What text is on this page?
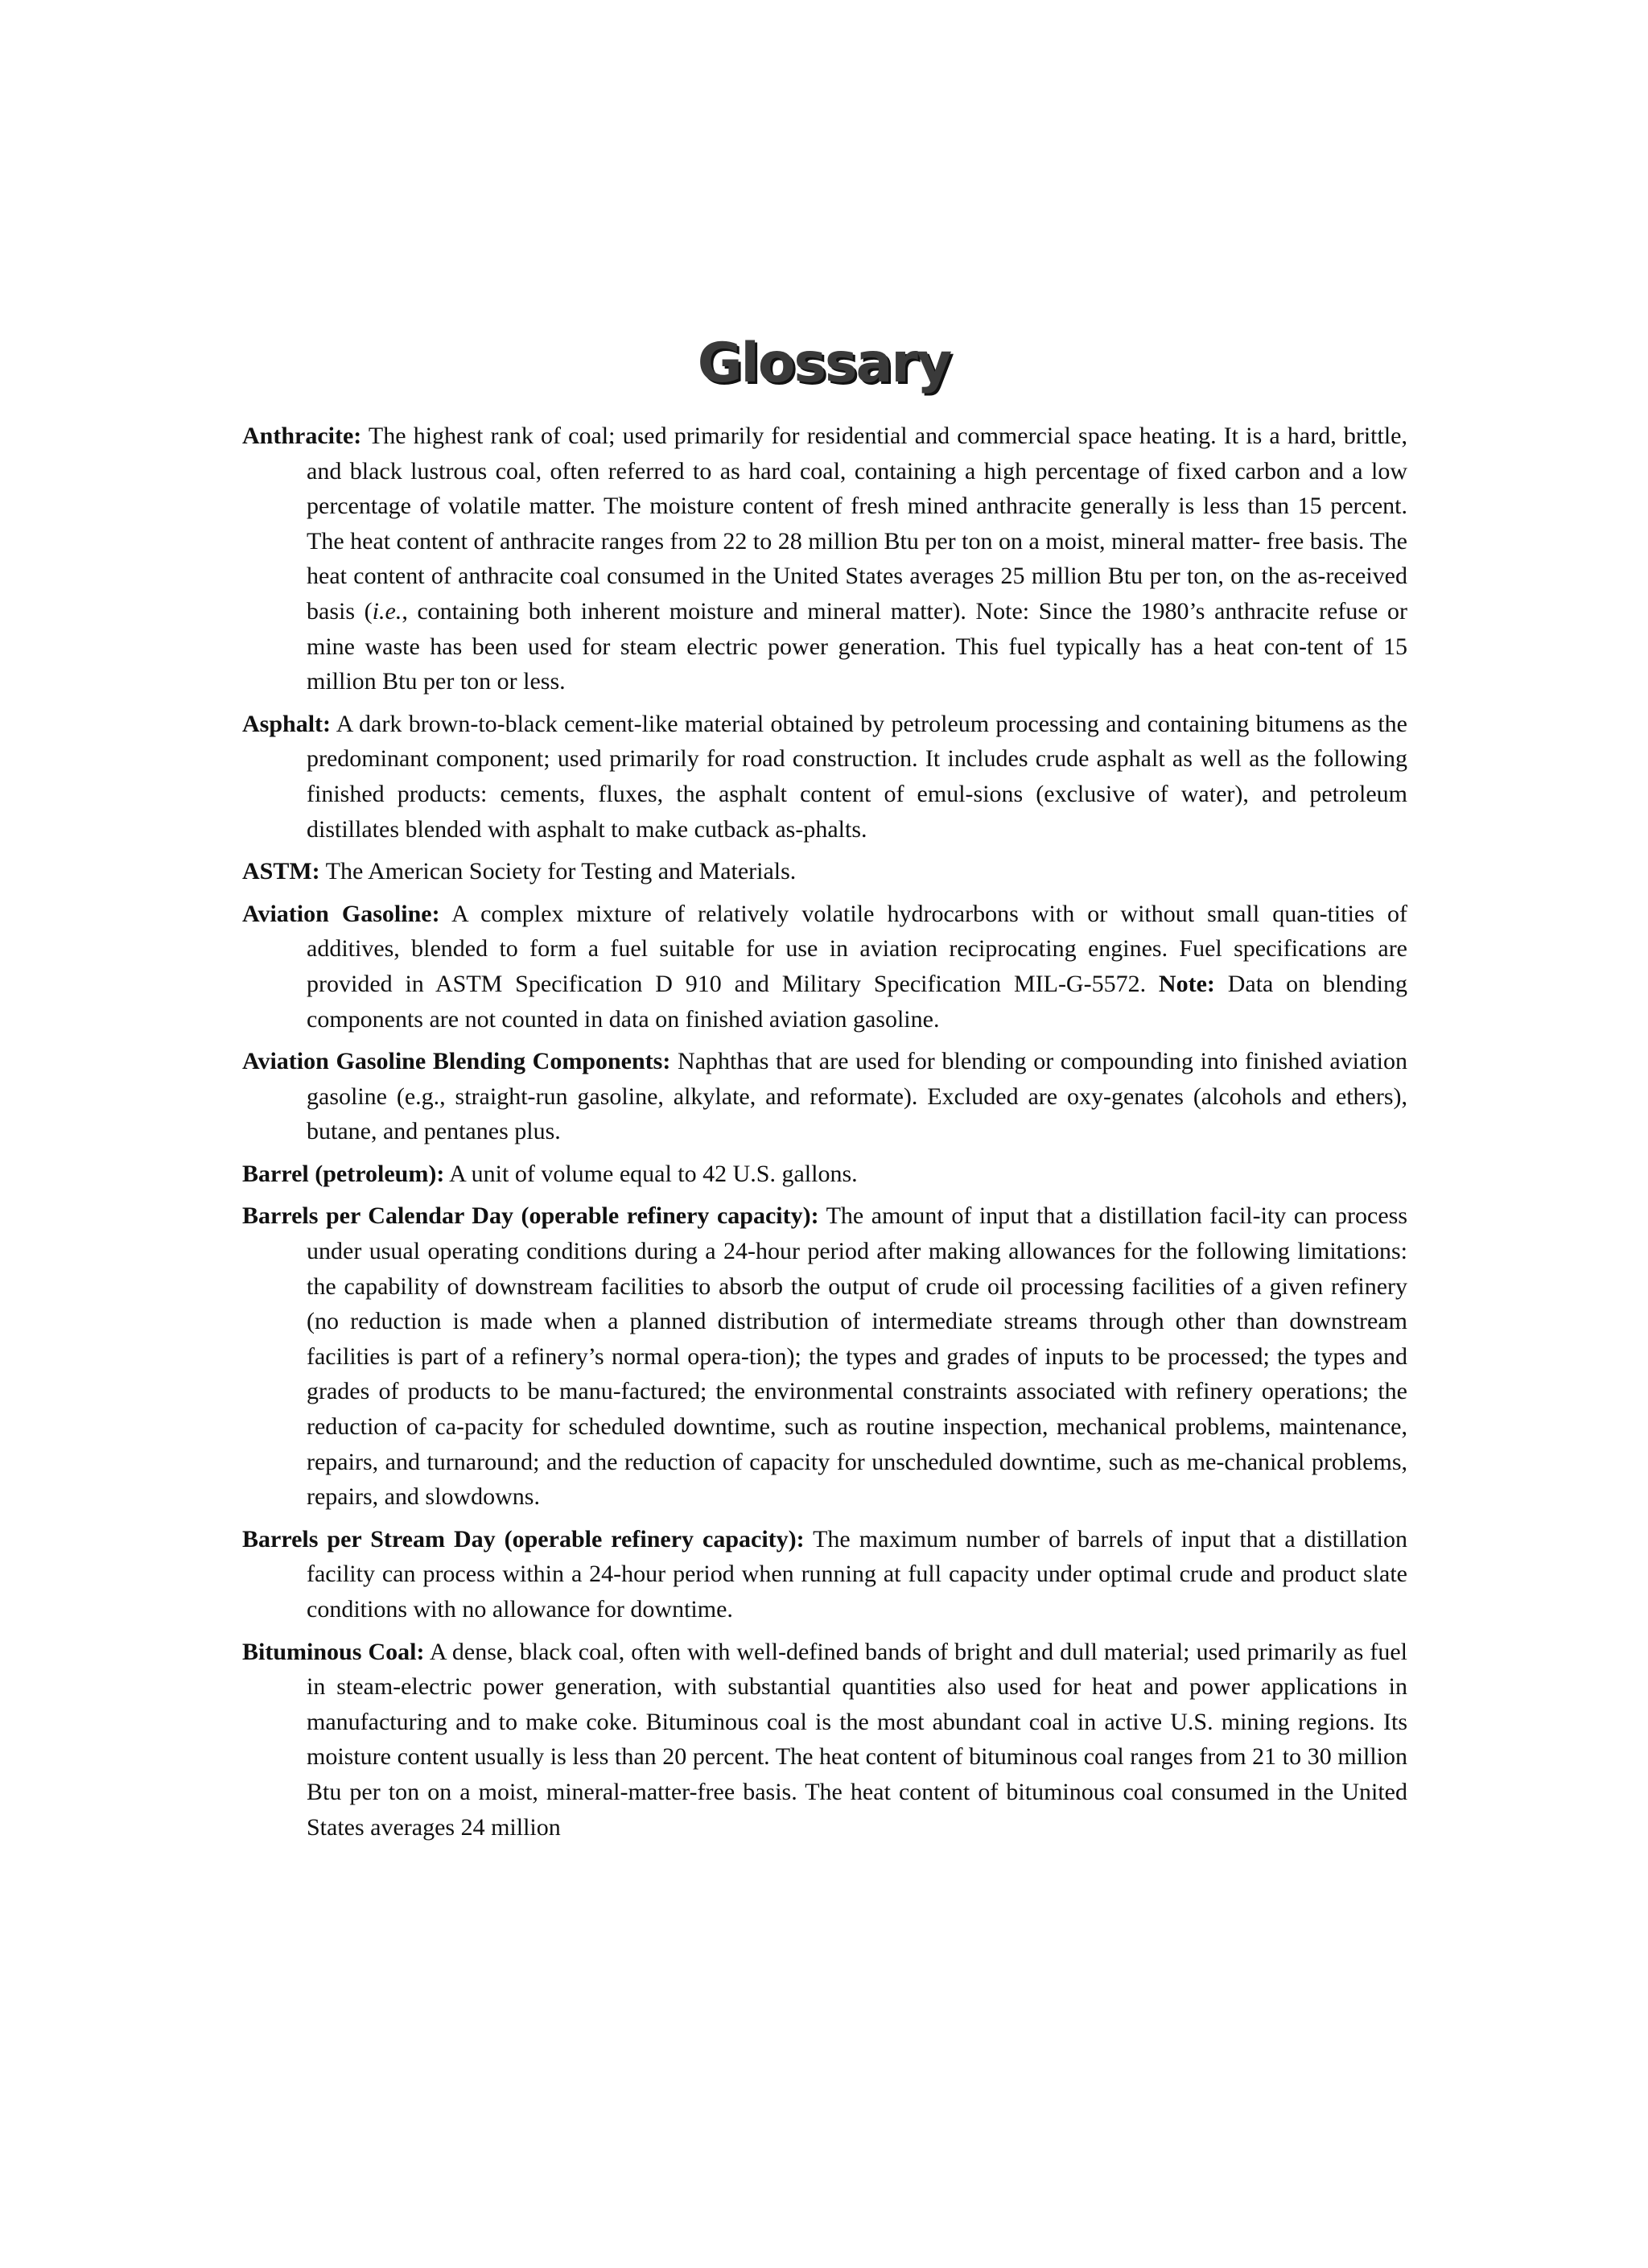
Glossary

Anthracite: The highest rank of coal; used primarily for residential and commercial space heating. It is a hard, brittle, and black lustrous coal, often referred to as hard coal, containing a high percentage of fixed carbon and a low percentage of volatile matter. The moisture content of fresh mined anthracite generally is less than 15 percent. The heat content of anthracite ranges from 22 to 28 million Btu per ton on a moist, mineral matter- free basis. The heat content of anthracite coal consumed in the United States averages 25 million Btu per ton, on the as-received basis (i.e., containing both inherent moisture and mineral matter). Note: Since the 1980’s anthracite refuse or mine waste has been used for steam electric power generation. This fuel typically has a heat con-tent of 15 million Btu per ton or less.

Asphalt: A dark brown-to-black cement-like material obtained by petroleum processing and containing bitumens as the predominant component; used primarily for road construction. It includes crude asphalt as well as the following finished products: cements, fluxes, the asphalt content of emul-sions (exclusive of water), and petroleum distillates blended with asphalt to make cutback as-phalts.

ASTM: The American Society for Testing and Materials.

Aviation Gasoline: A complex mixture of relatively volatile hydrocarbons with or without small quan-tities of additives, blended to form a fuel suitable for use in aviation reciprocating engines. Fuel specifications are provided in ASTM Specification D 910 and Military Specification MIL-G-5572. Note: Data on blending components are not counted in data on finished aviation gasoline.

Aviation Gasoline Blending Components: Naphthas that are used for blending or compounding into finished aviation gasoline (e.g., straight-run gasoline, alkylate, and reformate). Excluded are oxy-genates (alcohols and ethers), butane, and pentanes plus.

Barrel (petroleum): A unit of volume equal to 42 U.S. gallons.

Barrels per Calendar Day (operable refinery capacity): The amount of input that a distillation facil-ity can process under usual operating conditions during a 24-hour period after making allowances for the following limitations: the capability of downstream facilities to absorb the output of crude oil processing facilities of a given refinery (no reduction is made when a planned distribution of intermediate streams through other than downstream facilities is part of a refinery’s normal opera-tion); the types and grades of inputs to be processed; the types and grades of products to be manu-factured; the environmental constraints associated with refinery operations; the reduction of ca-pacity for scheduled downtime, such as routine inspection, mechanical problems, maintenance, repairs, and turnaround; and the reduction of capacity for unscheduled downtime, such as me-chanical problems, repairs, and slowdowns.

Barrels per Stream Day (operable refinery capacity): The maximum number of barrels of input that a distillation facility can process within a 24-hour period when running at full capacity under optimal crude and product slate conditions with no allowance for downtime.

Bituminous Coal: A dense, black coal, often with well-defined bands of bright and dull material; used primarily as fuel in steam-electric power generation, with substantial quantities also used for heat and power applications in manufacturing and to make coke. Bituminous coal is the most abundant coal in active U.S. mining regions. Its moisture content usually is less than 20 percent. The heat content of bituminous coal ranges from 21 to 30 million Btu per ton on a moist, mineral-matter-free basis. The heat content of bituminous coal consumed in the United States averages 24 million
